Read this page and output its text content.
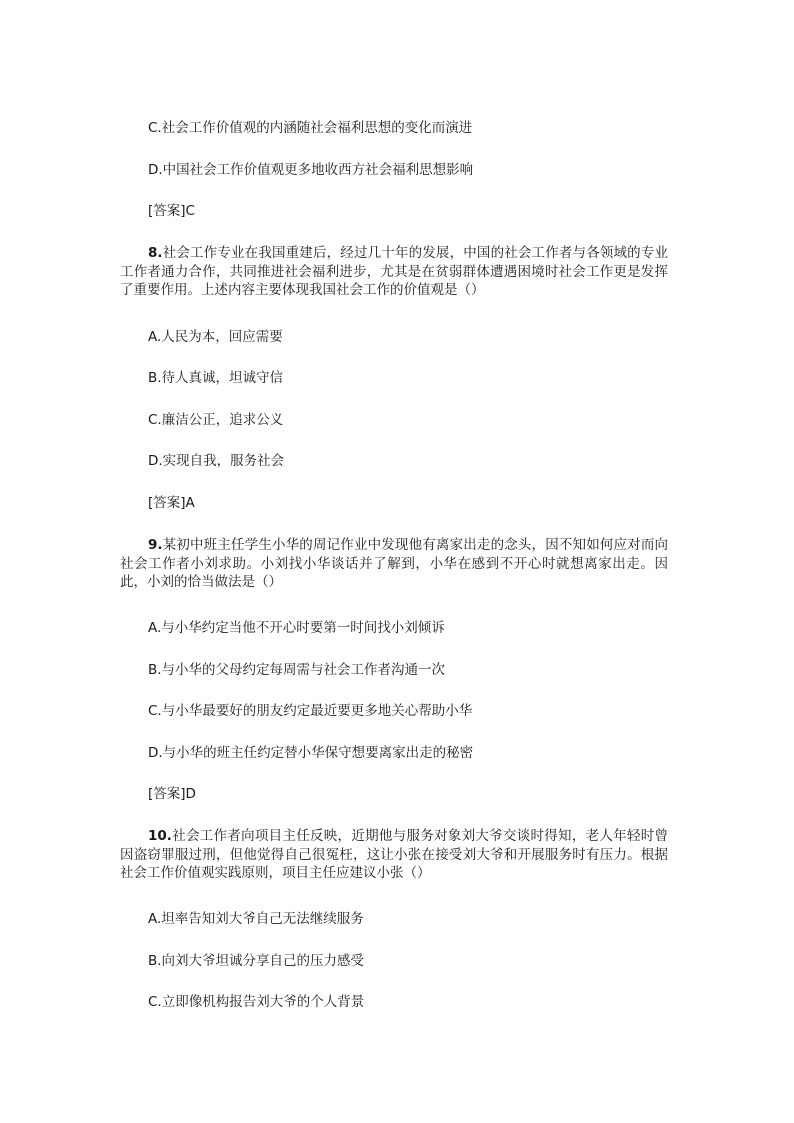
C.社会工作价值观的内涵随社会福利思想的变化而演进
D.中国社会工作价值观更多地收西方社会福利思想影响
[答案]C
8.社会工作专业在我国重建后，经过几十年的发展，中国的社会工作者与各领域的专业工作者通力合作，共同推进社会福利进步，尤其是在贫弱群体遭遇困境时社会工作更是发挥了重要作用。上述内容主要体现我国社会工作的价值观是（）
A.人民为本，回应需要
B.待人真诚，坦诚守信
C.廉洁公正，追求公义
D.实现自我，服务社会
[答案]A
9.某初中班主任学生小华的周记作业中发现他有离家出走的念头，因不知如何应对而向社会工作者小刘求助。小刘找小华谈话并了解到，小华在感到不开心时就想离家出走。因此，小刘的恰当做法是（）
A.与小华约定当他不开心时要第一时间找小刘倾诉
B.与小华的父母约定每周需与社会工作者沟通一次
C.与小华最要好的朋友约定最近要更多地关心帮助小华
D.与小华的班主任约定替小华保守想要离家出走的秘密
[答案]D
10.社会工作者向项目主任反映，近期他与服务对象刘大爷交谈时得知，老人年轻时曾因盗窃罪服过刑，但他觉得自己很冤枉，这让小张在接受刘大爷和开展服务时有压力。根据社会工作价值观实践原则，项目主任应建议小张（）
A.坦率告知刘大爷自己无法继续服务
B.向刘大爷坦诚分享自己的压力感受
C.立即像机构报告刘大爷的个人背景
